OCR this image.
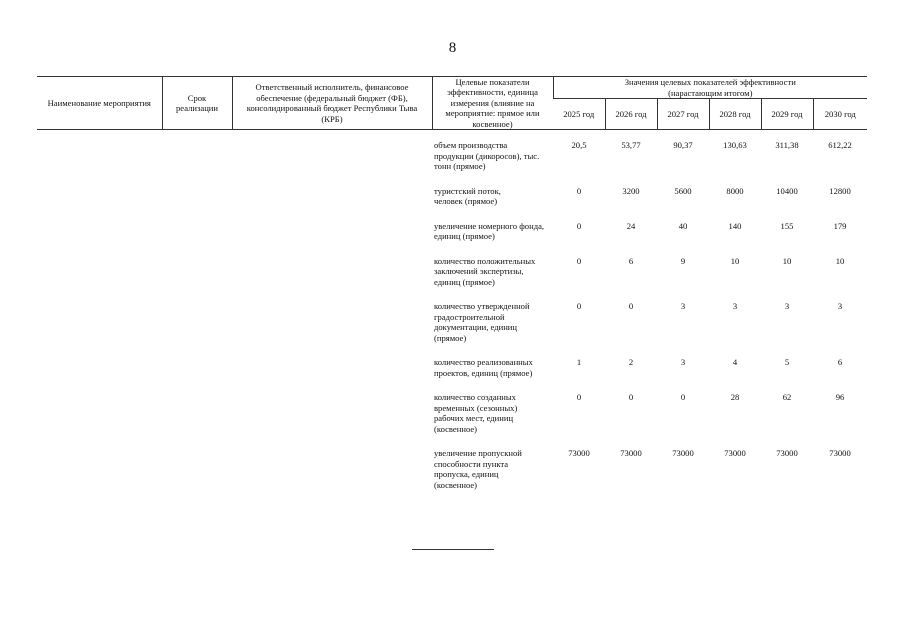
8
Наименование мероприятия	Срок реализации	Ответственный исполнитель, финансовое обеспечение (федеральный бюджет (ФБ), консолидированный бюджет Республики Тыва (КРБ)	Целевые показатели эффективности, единица измерения (влияние на мероприятие: прямое или косвенное)	Значения целевых показателей эффективности (нарастающим итогом)					
				2025 год	2026 год	2027 год	2028 год	2029 год	2030 год
			объем производства продукции (дикоросов), тыс. тонн (прямое)	20,5	53,77	90,37	130,63	311,38	612,22
			туристский поток, человек (прямое)	0	3200	5600	8000	10400	12800
			увеличение номерного фонда, единиц (прямое)	0	24	40	140	155	179
			количество положительных заключений экспертизы, единиц (прямое)	0	6	9	10	10	10
			количество утвержденной градостроительной документации, единиц (прямое)	0	0	3	3	3	3
			количество реализованных проектов, единиц (прямое)	1	2	3	4	5	6
			количество созданных временных (сезонных) рабочих мест, единиц (косвенное)	0	0	0	28	62	96
			увеличение пропускной способности пункта пропуска, единиц (косвенное)	73000	73000	73000	73000	73000	73000
